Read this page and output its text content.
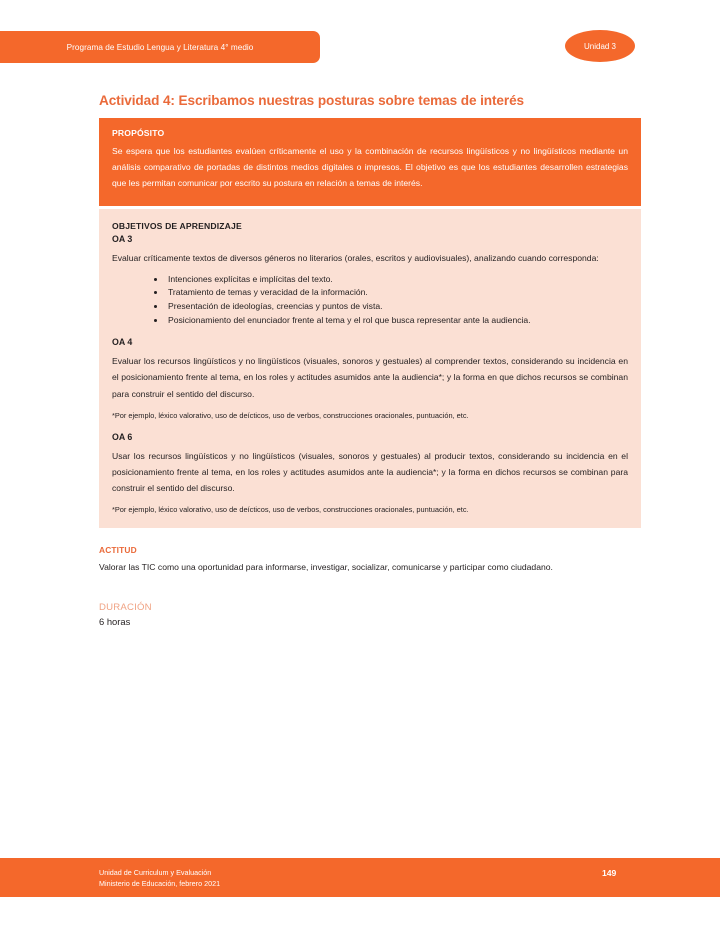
Programa de Estudio Lengua y Literatura 4° medio	Unidad 3
Actividad 4: Escribamos nuestras posturas sobre temas de interés
PROPÓSITO

Se espera que los estudiantes evalúen críticamente el uso y la combinación de recursos lingüísticos y no lingüísticos mediante un análisis comparativo de portadas de distintos medios digitales o impresos. El objetivo es que los estudiantes desarrollen estrategias que les permitan comunicar por escrito su postura en relación a temas de interés.

OBJETIVOS DE APRENDIZAJE
OA 3

Evaluar críticamente textos de diversos géneros no literarios (orales, escritos y audiovisuales), analizando cuando corresponda:

Intenciones explícitas e implícitas del texto.
Tratamiento de temas y veracidad de la información.
Presentación de ideologías, creencias y puntos de vista.
Posicionamiento del enunciador frente al tema y el rol que busca representar ante la audiencia.
OA 4

Evaluar los recursos lingüísticos y no lingüísticos (visuales, sonoros y gestuales) al comprender textos, considerando su incidencia en el posicionamiento frente al tema, en los roles y actitudes asumidos ante la audiencia*; y la forma en que dichos recursos se combinan para construir el sentido del discurso.

*Por ejemplo, léxico valorativo, uso de deícticos, uso de verbos, construcciones oracionales, puntuación, etc.

OA 6

Usar los recursos lingüísticos y no lingüísticos (visuales, sonoros y gestuales) al producir textos, considerando su incidencia en el posicionamiento frente al tema, en los roles y actitudes asumidos ante la audiencia*; y la forma en dichos recursos se combinan para construir el sentido del discurso.

*Por ejemplo, léxico valorativo, uso de deícticos, uso de verbos, construcciones oracionales, puntuación, etc.

ACTITUD

Valorar las TIC como una oportunidad para informarse, investigar, socializar, comunicarse y participar como ciudadano.

DURACIÓN
6 horas
Unidad de Curriculum y Evaluación
Ministerio de Educación, febrero 2021
149
